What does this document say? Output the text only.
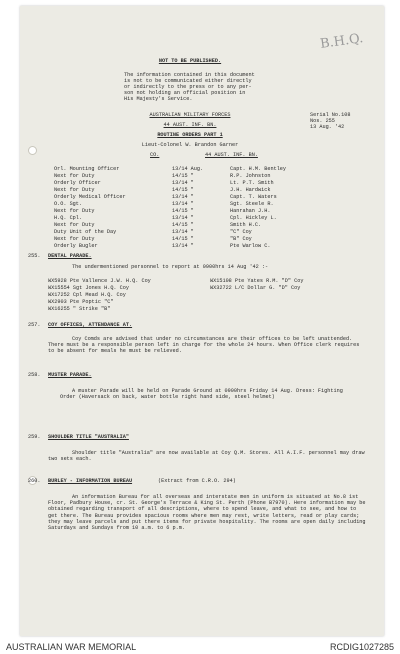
B.H.Q.
NOT TO BE PUBLISHED.
The information contained in this document
is not to be communicated either directly
or indirectly to the press or to any per-
son not holding an official position in
His Majesty's Service.
AUSTRALIAN MILITARY FORCES
44 AUST. INF. BN.
ROUTINE ORDERS PART 1
Lieut-Colonel W. Brandon Garner
Serial No.108
Nos. 255
13 Aug. '42
CO.	44 AUST. INF. BN.
Orl. Mounting Officer	13/14 Aug.	Capt. H.M. Bentley
Next for Duty	14/15 "	R.P. Johnston
Orderly Officer	13/14 "	Lt. P.T. Smith
Next for Duty	14/15 "	J.H. Hardwick
Orderly Medical Officer	13/14 "	Capt. T. Waters
O.O. Sgt.	13/14 "	Sgt. Steele R.
Next for Duty	14/15 "	Hanrahan J.H.
H.Q. Cpl.	13/14 "	Cpl. Hickley L.
Next for Duty	14/15 "	Smith H.C.
Duty Unit of the Day	13/14 "	"C" Coy
Next for Duty	14/15 "	"B" Coy
Orderly Bugler	13/14 "	Pte Warlow C.
255. DENTAL PARADE.
The undermentioned personnel to report at 0900hrs 14 Aug '42 :-
WX5928 Pte Vallence J.W. H.Q. Coy
WX15554 Sgt Jones H.Q. Coy
WX17252 Cpl Mead H.Q. Coy
WX2903 Pte Poptic "C"
WX16255 " Strike "B"
WX15108 Pte Yates R.M. "D" Coy
WX32722 L/C Dollar G. "D" Coy
257. COY OFFICES, ATTENDANCE AT.
Coy Comds are advised that under no circumstances are their offices to be left unattended. There must be a responsible person left in charge for the whole 24 hours. When Office clerk requires to be absent for meals he must be relieved.
258. MUSTER PARADE.
A muster Parade will be held on Parade Ground at 0900hrs Friday 14 Aug. Dress: Fighting Order (Haversack on back, water bottle right hand side, steel helmet)
259. SHOULDER TITLE "AUSTRALIA"
Shoulder title "Australia" are now available at Coy Q.M. Stores. All A.I.F. personnel may draw two sets each.
260. BURLEY - INFORMATION BUREAU	(Extract from C.R.O. 294)
An information Bureau for all overseas and interstate men in uniform is situated at No.8 1st Floor, Padbury House, cr. St. George's Terrace & King St. Perth (Phone B7970). Here information may be obtained regarding transport of all descriptions, where to spend leave, and what to see, and how to get there. The Bureau provides spacious rooms where men may rest, write letters, read or play cards; they may leave parcels and put there items for private hospitality. The rooms are open daily including Saturdays and Sundays from 10 a.m. to 6 p.m.
AUSTRALIAN WAR MEMORIAL	RCDIG1027285
